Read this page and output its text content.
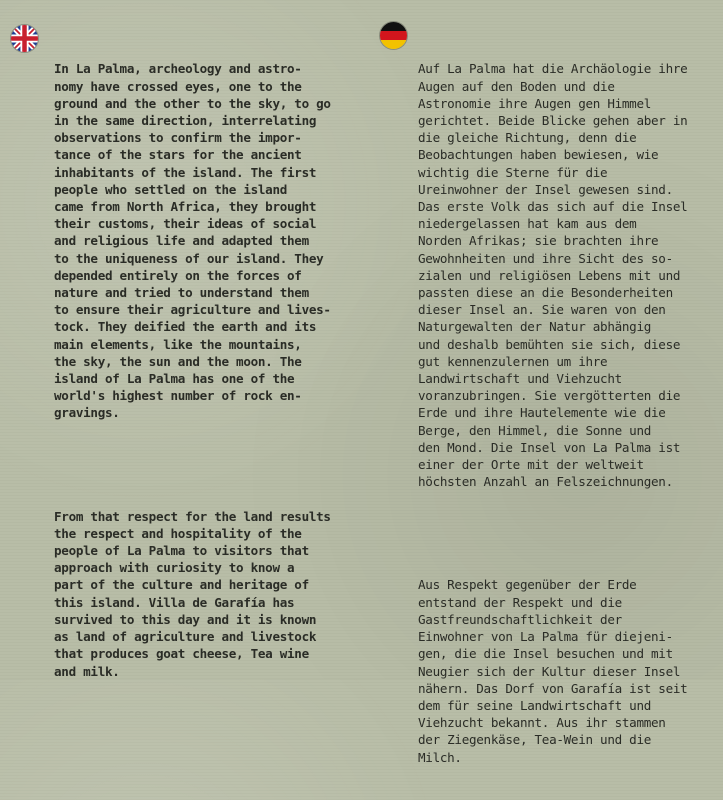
In La Palma, archeology and astro-
nomy have crossed eyes, one to the
ground and the other to the sky, to go
in the same direction, interrelating
observations to confirm the impor-
tance of the stars for the ancient
inhabitants of the island. The first
people who settled on the island
came from North Africa, they brought
their customs, their ideas of social
and religious life and adapted them
to the uniqueness of our island. They
depended entirely on the forces of
nature and tried to understand them
to ensure their agriculture and lives-
tock. They deified the earth and its
main elements, like the mountains,
the sky, the sun and the moon. The
island of La Palma has one of the
world's highest number of rock en-
gravings.

From that respect for the land results
the respect and hospitality of the
people of La Palma to visitors that
approach with curiosity to know a
part of the culture and heritage of
this island. Villa de Garafía has
survived to this day and it is known
as land of agriculture and livestock
that produces goat cheese, Tea wine
and milk.

Auf La Palma hat die Archäologie ihre
Augen auf den Boden und die
Astronomie ihre Augen gen Himmel
gerichtet. Beide Blicke gehen aber in
die gleiche Richtung, denn die
Beobachtungen haben bewiesen, wie
wichtig die Sterne für die
Ureinwohner der Insel gewesen sind.
Das erste Volk das sich auf die Insel
niedergelassen hat kam aus dem
Norden Afrikas; sie brachten ihre
Gewohnheiten und ihre Sicht des so-
zialen und religiösen Lebens mit und
passten diese an die Besonderheiten
dieser Insel an. Sie waren von den
Naturgewalten der Natur abhängig
und deshalb bemühten sie sich, diese
gut kennenzulernen um ihre
Landwirtschaft und Viehzucht
voranzubringen. Sie vergötterten die
Erde und ihre Hautelemente wie die
Berge, den Himmel, die Sonne und
den Mond. Die Insel von La Palma ist
einer der Orte mit der weltweit
höchsten Anzahl an Felszeichnungen.

Aus Respekt gegenüber der Erde
entstand der Respekt und die
Gastfreundschaftlichkeit der
Einwohner von La Palma für diejeni-
gen, die die Insel besuchen und mit
Neugier sich der Kultur dieser Insel
nähern. Das Dorf von Garafía ist seit
dem für seine Landwirtschaft und
Viehzucht bekannt. Aus ihr stammen
der Ziegenkäse, Tea-Wein und die
Milch.
